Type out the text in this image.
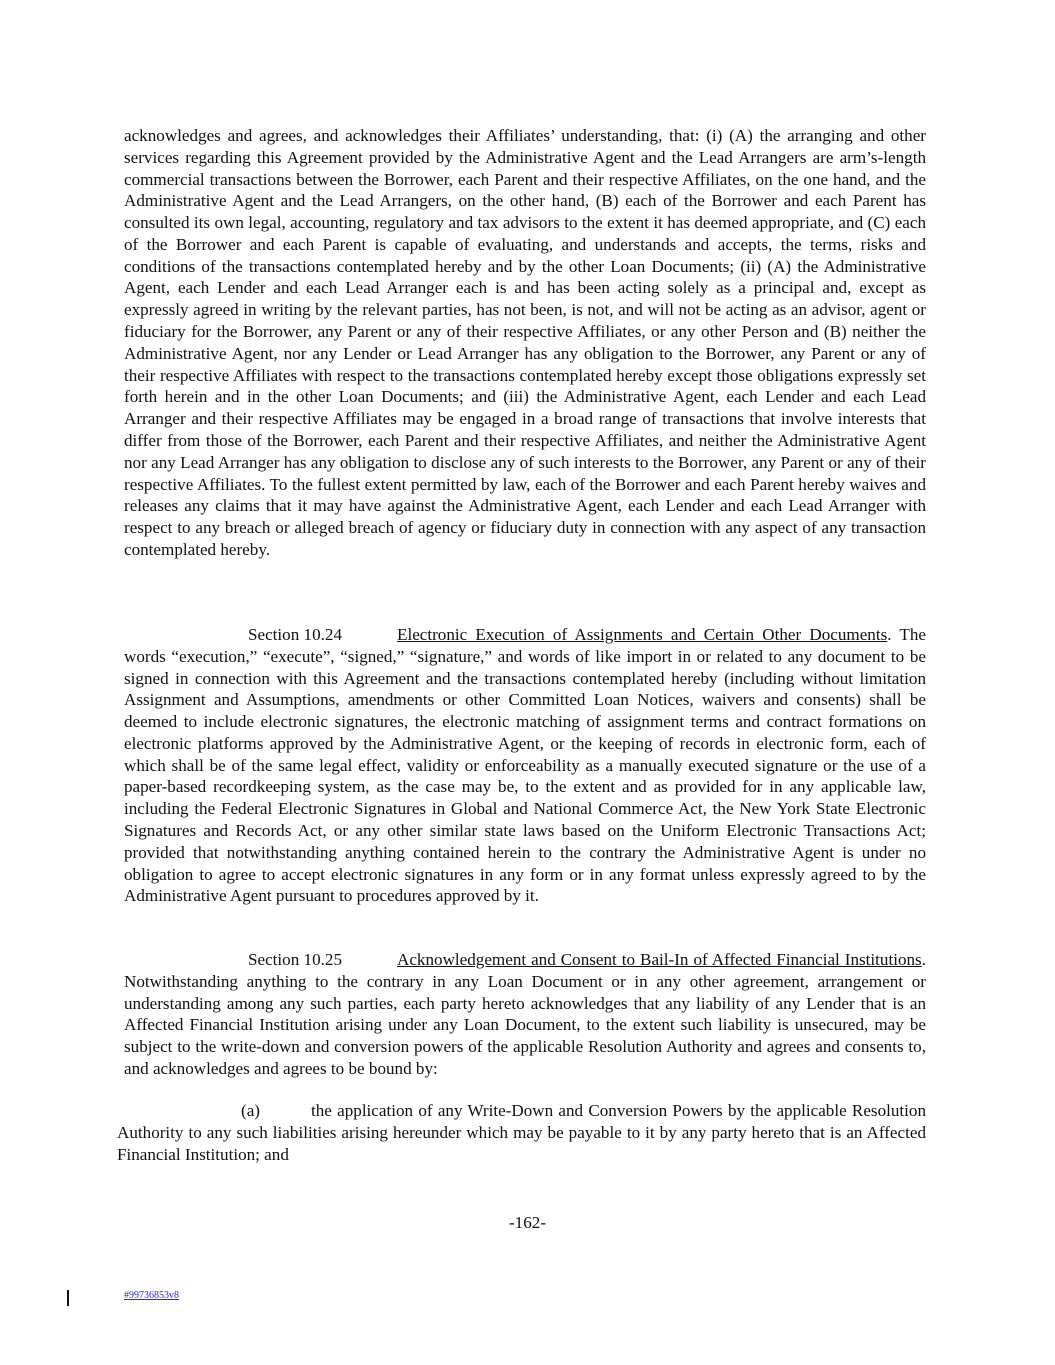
acknowledges and agrees, and acknowledges their Affiliates’ understanding, that: (i) (A) the arranging and other services regarding this Agreement provided by the Administrative Agent and the Lead Arrangers are arm’s-length commercial transactions between the Borrower, each Parent and their respective Affiliates, on the one hand, and the Administrative Agent and the Lead Arrangers, on the other hand, (B) each of the Borrower and each Parent has consulted its own legal, accounting, regulatory and tax advisors to the extent it has deemed appropriate, and (C) each of the Borrower and each Parent is capable of evaluating, and understands and accepts, the terms, risks and conditions of the transactions contemplated hereby and by the other Loan Documents; (ii) (A) the Administrative Agent, each Lender and each Lead Arranger each is and has been acting solely as a principal and, except as expressly agreed in writing by the relevant parties, has not been, is not, and will not be acting as an advisor, agent or fiduciary for the Borrower, any Parent or any of their respective Affiliates, or any other Person and (B) neither the Administrative Agent, nor any Lender or Lead Arranger has any obligation to the Borrower, any Parent or any of their respective Affiliates with respect to the transactions contemplated hereby except those obligations expressly set forth herein and in the other Loan Documents; and (iii) the Administrative Agent, each Lender and each Lead Arranger and their respective Affiliates may be engaged in a broad range of transactions that involve interests that differ from those of the Borrower, each Parent and their respective Affiliates, and neither the Administrative Agent nor any Lead Arranger has any obligation to disclose any of such interests to the Borrower, any Parent or any of their respective Affiliates. To the fullest extent permitted by law, each of the Borrower and each Parent hereby waives and releases any claims that it may have against the Administrative Agent, each Lender and each Lead Arranger with respect to any breach or alleged breach of agency or fiduciary duty in connection with any aspect of any transaction contemplated hereby.

Section 10.24	Electronic Execution of Assignments and Certain Other Documents. The words “execution,” “execute”, “signed,” “signature,” and words of like import in or related to any document to be signed in connection with this Agreement and the transactions contemplated hereby (including without limitation Assignment and Assumptions, amendments or other Committed Loan Notices, waivers and consents) shall be deemed to include electronic signatures, the electronic matching of assignment terms and contract formations on electronic platforms approved by the Administrative Agent, or the keeping of records in electronic form, each of which shall be of the same legal effect, validity or enforceability as a manually executed signature or the use of a paper-based recordkeeping system, as the case may be, to the extent and as provided for in any applicable law, including the Federal Electronic Signatures in Global and National Commerce Act, the New York State Electronic Signatures and Records Act, or any other similar state laws based on the Uniform Electronic Transactions Act; provided that notwithstanding anything contained herein to the contrary the Administrative Agent is under no obligation to agree to accept electronic signatures in any form or in any format unless expressly agreed to by the Administrative Agent pursuant to procedures approved by it.

Section 10.25	Acknowledgement and Consent to Bail-In of Affected Financial Institutions. Notwithstanding anything to the contrary in any Loan Document or in any other agreement, arrangement or understanding among any such parties, each party hereto acknowledges that any liability of any Lender that is an Affected Financial Institution arising under any Loan Document, to the extent such liability is unsecured, may be subject to the write-down and conversion powers of the applicable Resolution Authority and agrees and consents to, and acknowledges and agrees to be bound by:

(a)	the application of any Write-Down and Conversion Powers by the applicable Resolution Authority to any such liabilities arising hereunder which may be payable to it by any party hereto that is an Affected Financial Institution; and

-162-
#99736853v8
